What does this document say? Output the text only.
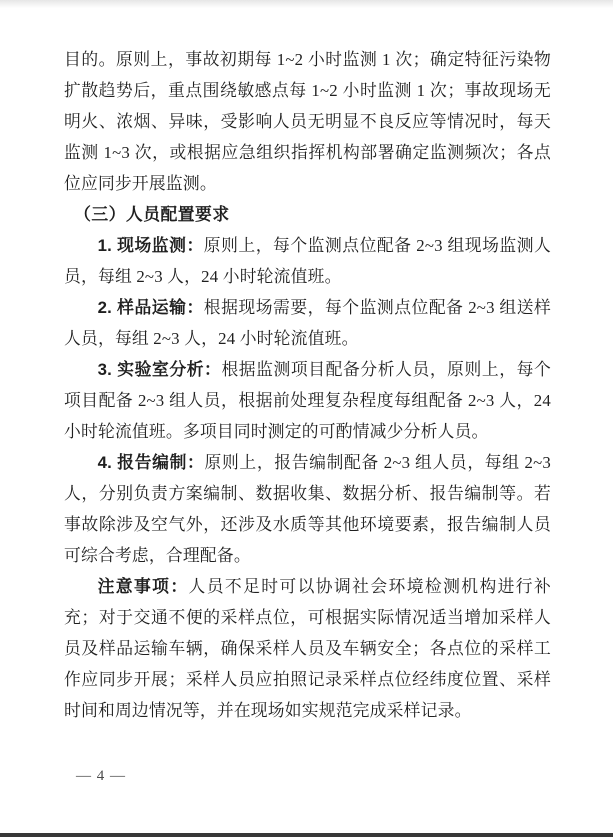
目的。原则上，事故初期每 1~2 小时监测 1 次；确定特征污染物扩散趋势后，重点围绕敏感点每 1~2 小时监测 1 次；事故现场无明火、浓烟、异味，受影响人员无明显不良反应等情况时，每天监测 1~3 次，或根据应急组织指挥机构部署确定监测频次；各点位应同步开展监测。

（三）人员配置要求

1. 现场监测：原则上，每个监测点位配备 2~3 组现场监测人员，每组 2~3 人，24 小时轮流值班。

2. 样品运输：根据现场需要，每个监测点位配备 2~3 组送样人员，每组 2~3 人，24 小时轮流值班。

3. 实验室分析：根据监测项目配备分析人员，原则上，每个项目配备 2~3 组人员，根据前处理复杂程度每组配备 2~3 人，24 小时轮流值班。多项目同时测定的可酌情减少分析人员。

4. 报告编制：原则上，报告编制配备 2~3 组人员，每组 2~3 人，分别负责方案编制、数据收集、数据分析、报告编制等。若事故除涉及空气外，还涉及水质等其他环境要素，报告编制人员可综合考虑，合理配备。

注意事项：人员不足时可以协调社会环境检测机构进行补充；对于交通不便的采样点位，可根据实际情况适当增加采样人员及样品运输车辆，确保采样人员及车辆安全；各点位的采样工作应同步开展；采样人员应拍照记录采样点位经纬度位置、采样时间和周边情况等，并在现场如实规范完成采样记录。

— 4 —
